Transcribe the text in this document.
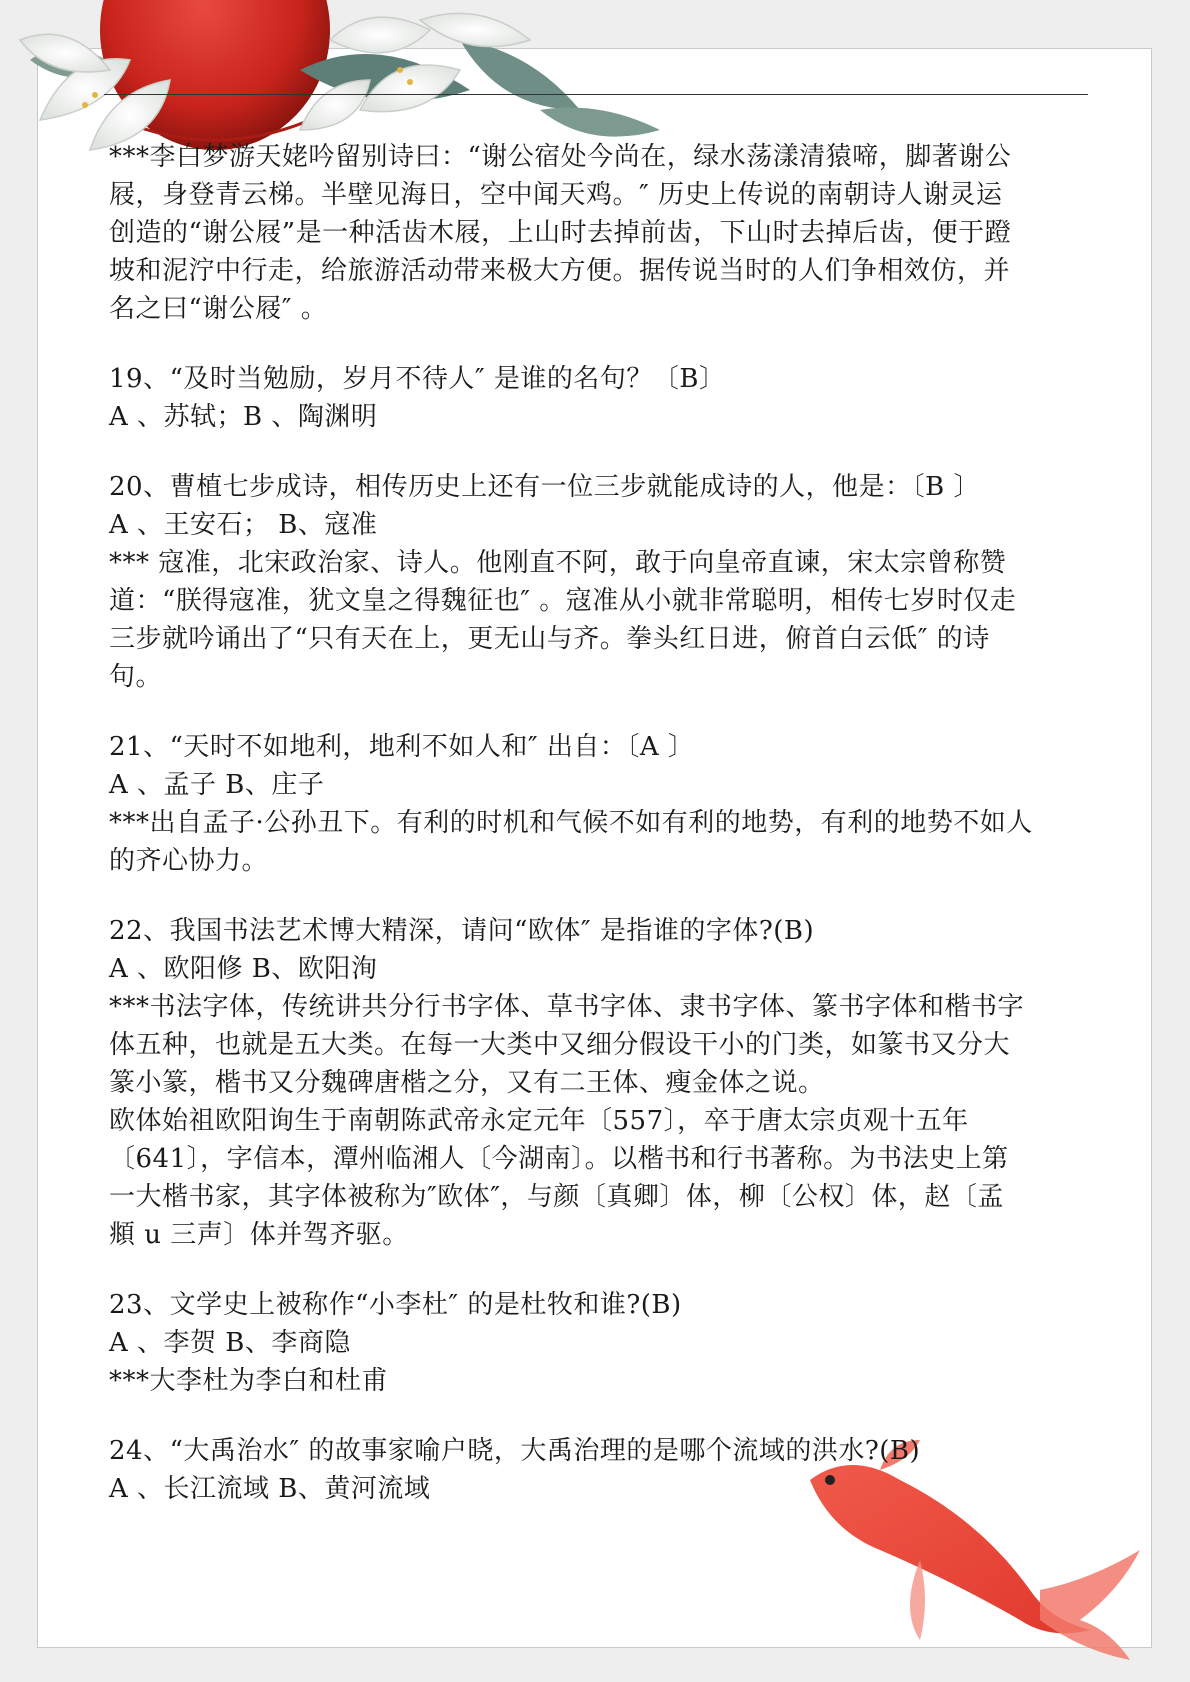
***李白梦游天姥吟留别诗曰：“谢公宿处今尚在，绿水荡漾清猿啼，脚著谢公
屐，身登青云梯。半壁见海日，空中闻天鸡。″ 历史上传说的南朝诗人谢灵运
创造的“谢公屐”是一种活齿木屐，上山时去掉前齿，下山时去掉后齿，便于蹬
坡和泥泞中行走，给旅游活动带来极大方便。据传说当时的人们争相效仿，并
名之曰“谢公屐″ 。
19、“及时当勉励，岁月不待人″ 是谁的名句？〔B〕
A 、苏轼；B 、陶渊明
20、曹植七步成诗，相传历史上还有一位三步就能成诗的人，他是：〔B 〕
A 、王安石； B、寇准
*** 寇准，北宋政治家、诗人。他刚直不阿，敢于向皇帝直谏，宋太宗曾称赞
道：“朕得寇准，犹文皇之得魏征也″ 。寇准从小就非常聪明，相传七岁时仅走
三步就吟诵出了“只有天在上，更无山与齐。拳头红日进，俯首白云低″ 的诗
句。
21、“天时不如地利，地利不如人和″ 出自：〔A 〕
A 、孟子 B、庄子
***出自孟子·公孙丑下。有利的时机和气候不如有利的地势，有利的地势不如人
的齐心协力。
22、我国书法艺术博大精深，请问“欧体″ 是指谁的字体?(B)
A 、欧阳修 B、欧阳洵
***书法字体，传统讲共分行书字体、草书字体、隶书字体、篆书字体和楷书字
体五种，也就是五大类。在每一大类中又细分假设干小的门类，如篆书又分大
篆小篆，楷书又分魏碑唐楷之分，又有二王体、瘦金体之说。
欧体始祖欧阳询生于南朝陈武帝永定元年〔557〕，卒于唐太宗贞观十五年
〔641〕，字信本，潭州临湘人〔今湖南〕。以楷书和行书著称。为书法史上第
一大楷书家，其字体被称为″欧体″，与颜〔真卿〕体，柳〔公权〕体，赵〔孟
頫 u 三声〕体并驾齐驱。
23、文学史上被称作“小李杜″ 的是杜牧和谁?(B)
A 、李贺 B、李商隐
***大李杜为李白和杜甫
24、“大禹治水″ 的故事家喻户晓，大禹治理的是哪个流域的洪水?(B)
A 、长江流域 B、黄河流域
